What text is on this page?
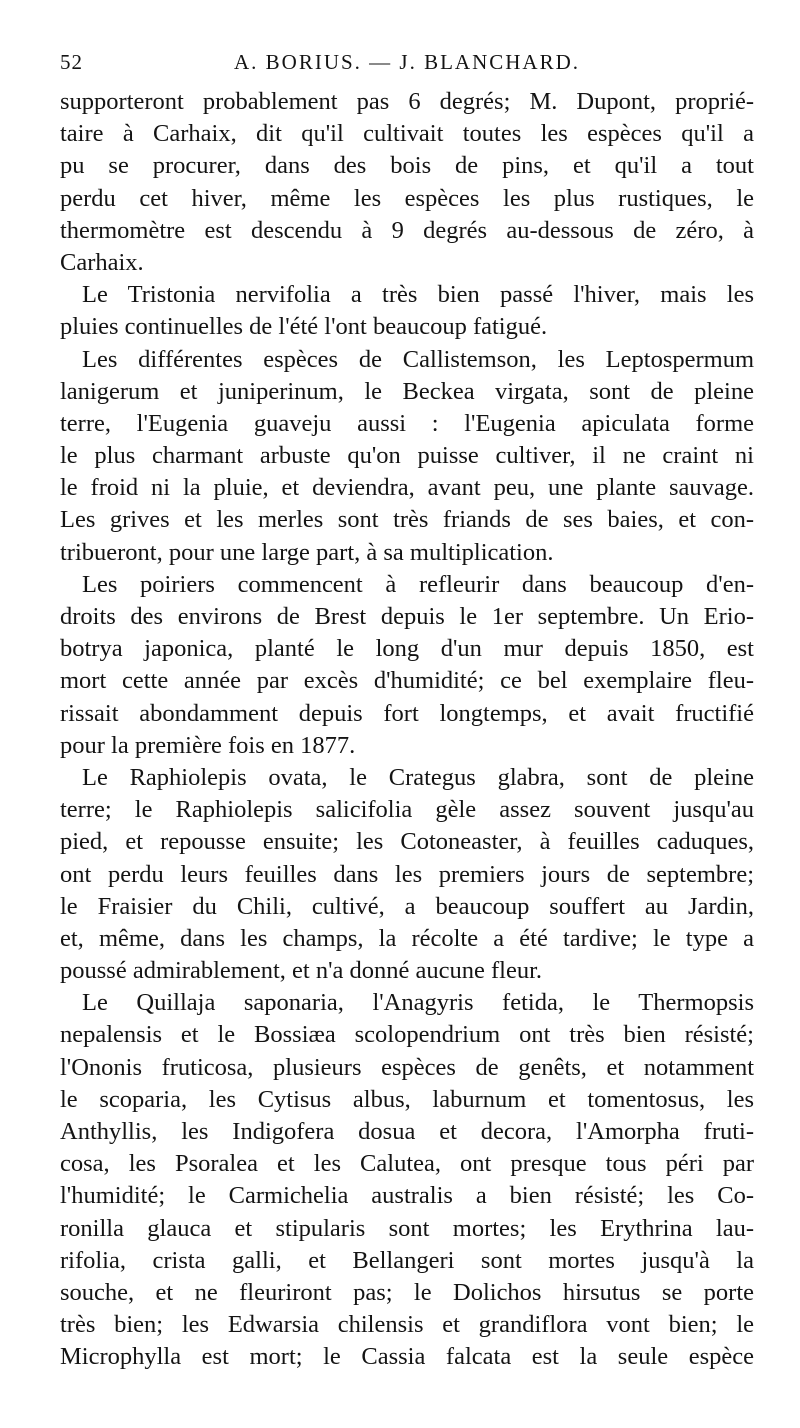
52	A. BORIUS. — J. BLANCHARD.
supporteront probablement pas 6 degrés; M. Dupont, proprié-
taire à Carhaix, dit qu'il cultivait toutes les espèces qu'il a
pu se procurer, dans des bois de pins, et qu'il a tout
perdu cet hiver, même les espèces les plus rustiques, le
thermomètre est descendu à 9 degrés au-dessous de zéro, à
Carhaix.
Le Tristonia nervifolia a très bien passé l'hiver, mais les
pluies continuelles de l'été l'ont beaucoup fatigué.
Les différentes espèces de Callistemson, les Leptospermum
lanigerum et juniperinum, le Beckea virgata, sont de pleine
terre, l'Eugenia guaveju aussi : l'Eugenia apiculata forme
le plus charmant arbuste qu'on puisse cultiver, il ne craint ni
le froid ni la pluie, et deviendra, avant peu, une plante sauvage.
Les grives et les merles sont très friands de ses baies, et con-
tribueront, pour une large part, à sa multiplication.
Les poiriers commencent à refleurir dans beaucoup d'en-
droits des environs de Brest depuis le 1er septembre. Un Erio-
botrya japonica, planté le long d'un mur depuis 1850, est
mort cette année par excès d'humidité; ce bel exemplaire fleu-
rissait abondamment depuis fort longtemps, et avait fructifié
pour la première fois en 1877.
Le Raphiolepis ovata, le Crategus glabra, sont de pleine
terre; le Raphiolepis salicifolia gèle assez souvent jusqu'au
pied, et repousse ensuite; les Cotoneaster, à feuilles caduques,
ont perdu leurs feuilles dans les premiers jours de septembre;
le Fraisier du Chili, cultivé, a beaucoup souffert au Jardin,
et, même, dans les champs, la récolte a été tardive; le type a
poussé admirablement, et n'a donné aucune fleur.
Le Quillaja saponaria, l'Anagyris fetida, le Thermopsis
nepalensis et le Bossiæa scolopendrium ont très bien résisté;
l'Ononis fruticosa, plusieurs espèces de genêts, et notamment
le scoparia, les Cytisus albus, laburnum et tomentosus, les
Anthyllis, les Indigofera dosua et decora, l'Amorpha fruti-
cosa, les Psoralea et les Calutea, ont presque tous péri par
l'humidité; le Carmichelia australis a bien résisté; les Co-
ronilla glauca et stipularis sont mortes; les Erythrina lau-
rifolia, crista galli, et Bellangeri sont mortes jusqu'à la
souche, et ne fleuriront pas; le Dolichos hirsutus se porte
très bien; les Edwarsia chilensis et grandiflora vont bien; le
Microphylla est mort; le Cassia falcata est la seule espèce
